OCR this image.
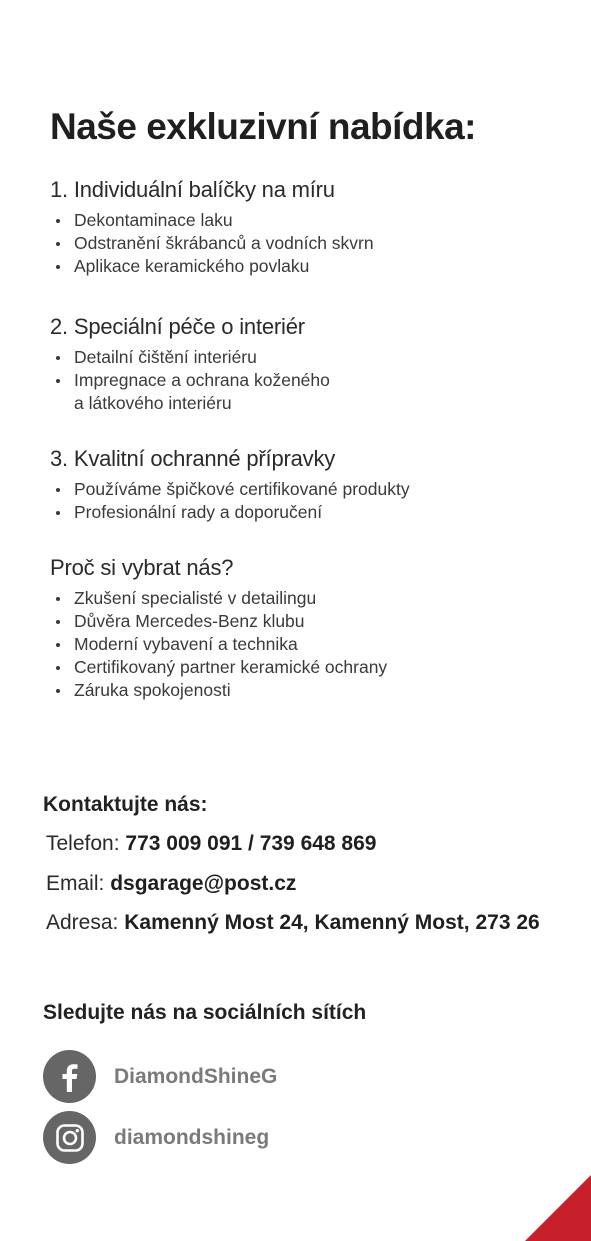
Naše exkluzivní nabídka:
1. Individuální balíčky na míru
Dekontaminace laku
Odstranění škrábanců a vodních skvrn
Aplikace keramického povlaku
2. Speciální péče o interiér
Detailní čištění interiéru
Impregnace a ochrana koženého
a látkového interiéru
3. Kvalitní ochranné přípravky
Používáme špičkové certifikované produkty
Profesionální rady a doporučení
Proč si vybrat nás?
Zkušení specialisté v detailingu
Důvěra Mercedes-Benz klubu
Moderní vybavení a technika
Certifikovaný partner keramické ochrany
Záruka spokojenosti
Kontaktujte nás:
Telefon: 773 009 091 / 739 648 869
Email: dsgarage@post.cz
Adresa: Kamenný Most 24, Kamenný Most, 273 26
Sledujte nás na sociálních sítích
DiamondShineG
diamondshineg
